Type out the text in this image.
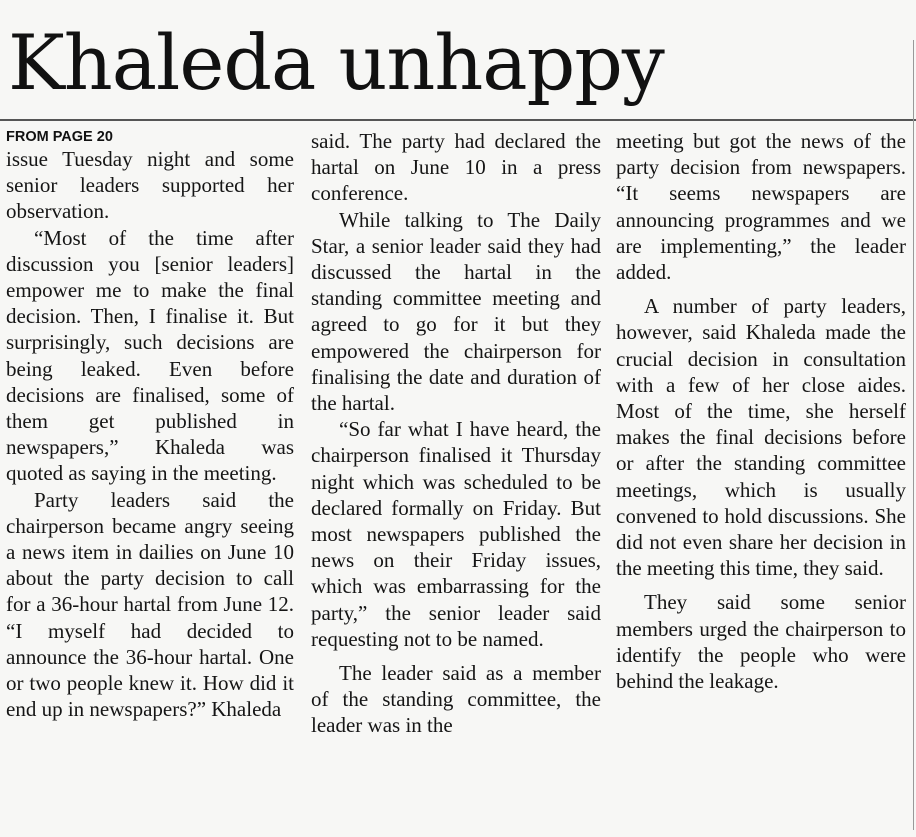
Khaleda unhappy
FROM PAGE 20

issue Tuesday night and some senior leaders supported her observation.

“Most of the time after discussion you [senior leaders] empower me to make the final decision. Then, I finalise it. But surprisingly, such decisions are being leaked. Even before decisions are finalised, some of them get published in newspapers,” Khaleda was quoted as saying in the meeting.

Party leaders said the chairperson became angry seeing a news item in dailies on June 10 about the party decision to call for a 36-hour hartal from June 12. “I myself had decided to announce the 36-hour hartal. One or two people knew it. How did it end up in newspapers?” Khaleda

said. The party had declared the hartal on June 10 in a press conference.

While talking to The Daily Star, a senior leader said they had discussed the hartal in the standing committee meeting and agreed to go for it but they empowered the chairperson for finalising the date and duration of the hartal.

“So far what I have heard, the chairperson finalised it Thursday night which was scheduled to be declared formally on Friday. But most newspapers published the news on their Friday issues, which was embarrassing for the party,” the senior leader said requesting not to be named.

The leader said as a member of the standing committee, the leader was in the

meeting but got the news of the party decision from newspapers. “It seems newspapers are announcing programmes and we are implementing,” the leader added.

A number of party leaders, however, said Khaleda made the crucial decision in consultation with a few of her close aides. Most of the time, she herself makes the final decisions before or after the standing committee meetings, which is usually convened to hold discussions. She did not even share her decision in the meeting this time, they said.

They said some senior members urged the chairperson to identify the people who were behind the leakage.
